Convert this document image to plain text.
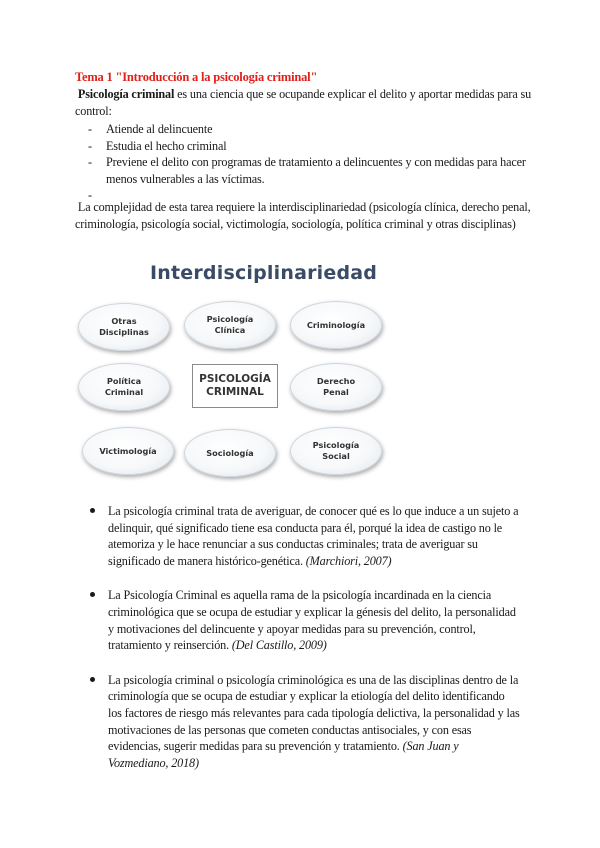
Tema 1 "Introducción a la psicología criminal"
Psicología criminal es una ciencia que se ocupande explicar el delito y aportar medidas para su control:
- Atiende al delincuente
- Estudia el hecho criminal
- Previene el delito con programas de tratamiento a delincuentes y con medidas para hacer menos vulnerables a las víctimas.
-
La complejidad de esta tarea requiere la interdisciplinariedad (psicología clínica, derecho penal, criminología, psicología social, victimología, sociología, política criminal y otras disciplinas)
Interdisciplinariedad
Otras
Disciplinas
Psicología
Clínica
Criminología
Política
Criminal
PSICOLOGÍA
CRIMINAL
Derecho
Penal
Victimología	Sociología
Psicología
Social
La psicología criminal trata de averiguar, de conocer qué es lo que induce a un sujeto a delinquir, qué significado tiene esa conducta para él, porqué la idea de castigo no le atemoriza y le hace renunciar a sus conductas criminales; trata de averiguar su significado de manera histórico-genética. (Marchiori, 2007)
La Psicología Criminal es aquella rama de la psicología incardinada en la ciencia criminológica que se ocupa de estudiar y explicar la génesis del delito, la personalidad y motivaciones del delincuente y apoyar medidas para su prevención, control, tratamiento y reinserción. (Del Castillo, 2009)
La psicología criminal o psicología criminológica es una de las disciplinas dentro de la criminología que se ocupa de estudiar y explicar la etiología del delito identificando los factores de riesgo más relevantes para cada tipología delictiva, la personalidad y las motivaciones de las personas que cometen conductas antisociales, y con esas evidencias, sugerir medidas para su prevención y tratamiento. (San Juan y Vozmediano, 2018)
